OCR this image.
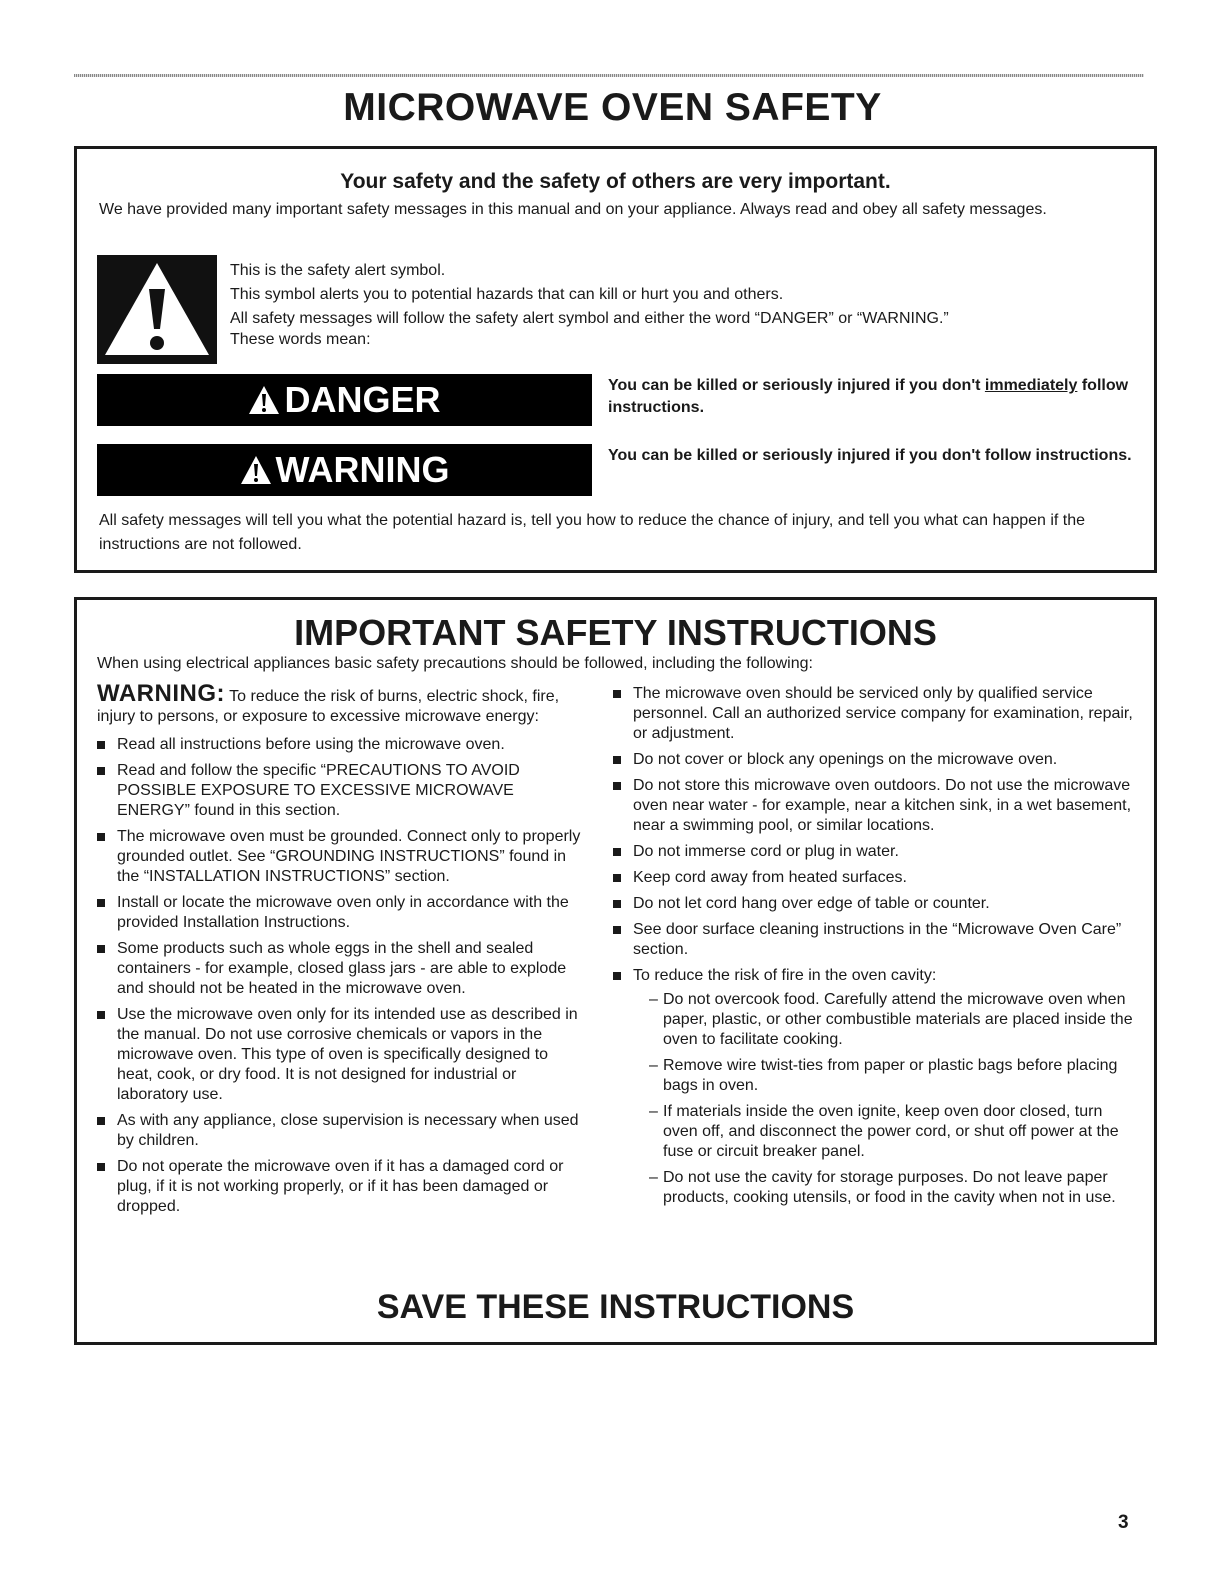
MICROWAVE OVEN SAFETY
Your safety and the safety of others are very important.

We have provided many important safety messages in this manual and on your appliance. Always read and obey all safety messages.

This is the safety alert symbol.

This symbol alerts you to potential hazards that can kill or hurt you and others.

All safety messages will follow the safety alert symbol and either the word “DANGER” or “WARNING.”

These words mean:

DANGER	You can be killed or seriously injured if you don't immediately follow instructions.
WARNING	You can be killed or seriously injured if you don't follow instructions.

All safety messages will tell you what the potential hazard is, tell you how to reduce the chance of injury, and tell you what can happen if the instructions are not followed.

IMPORTANT SAFETY INSTRUCTIONS

When using electrical appliances basic safety precautions should be followed, including the following:

WARNING: To reduce the risk of burns, electric shock, fire, injury to persons, or exposure to excessive microwave energy:

Read all instructions before using the microwave oven.
Read and follow the specific “PRECAUTIONS TO AVOID POSSIBLE EXPOSURE TO EXCESSIVE MICROWAVE ENERGY” found in this section.
The microwave oven must be grounded. Connect only to properly grounded outlet. See “GROUNDING INSTRUCTIONS” found in the “INSTALLATION INSTRUCTIONS” section.
Install or locate the microwave oven only in accordance with the provided Installation Instructions.
Some products such as whole eggs in the shell and sealed containers - for example, closed glass jars - are able to explode and should not be heated in the microwave oven.
Use the microwave oven only for its intended use as described in the manual. Do not use corrosive chemicals or vapors in the microwave oven. This type of oven is specifically designed to heat, cook, or dry food. It is not designed for industrial or laboratory use.
As with any appliance, close supervision is necessary when used by children.
Do not operate the microwave oven if it has a damaged cord or plug, if it is not working properly, or if it has been damaged or dropped.
The microwave oven should be serviced only by qualified service personnel. Call an authorized service company for examination, repair, or adjustment.
Do not cover or block any openings on the microwave oven.
Do not store this microwave oven outdoors. Do not use the microwave oven near water - for example, near a kitchen sink, in a wet basement, near a swimming pool, or similar locations.
Do not immerse cord or plug in water.
Keep cord away from heated surfaces.
Do not let cord hang over edge of table or counter.
See door surface cleaning instructions in the “Microwave Oven Care” section.
To reduce the risk of fire in the oven cavity:
– Do not overcook food. Carefully attend the microwave oven when paper, plastic, or other combustible materials are placed inside the oven to facilitate cooking.
– Remove wire twist-ties from paper or plastic bags before placing bags in oven.
– If materials inside the oven ignite, keep oven door closed, turn oven off, and disconnect the power cord, or shut off power at the fuse or circuit breaker panel.
– Do not use the cavity for storage purposes. Do not leave paper products, cooking utensils, or food in the cavity when not in use.
SAVE THESE INSTRUCTIONS
3
